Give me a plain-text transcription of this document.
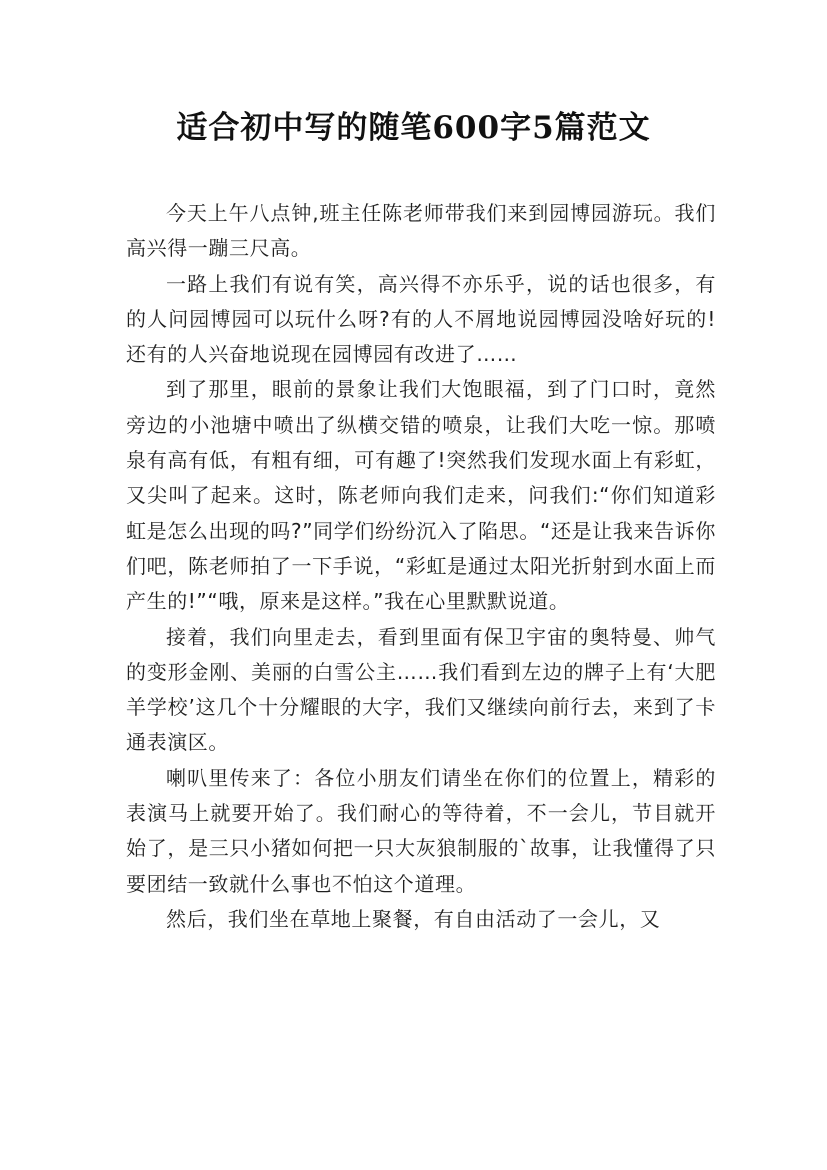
适合初中写的随笔600字5篇范文

今天上午八点钟,班主任陈老师带我们来到园博园游玩。我们高兴得一蹦三尺高。

一路上我们有说有笑，高兴得不亦乐乎，说的话也很多，有的人问园博园可以玩什么呀?有的人不屑地说园博园没啥好玩的!还有的人兴奋地说现在园博园有改进了……

到了那里，眼前的景象让我们大饱眼福，到了门口时，竟然旁边的小池塘中喷出了纵横交错的喷泉，让我们大吃一惊。那喷泉有高有低，有粗有细，可有趣了!突然我们发现水面上有彩虹，又尖叫了起来。这时，陈老师向我们走来，问我们:“你们知道彩虹是怎么出现的吗?”同学们纷纷沉入了陷思。“还是让我来告诉你们吧，陈老师拍了一下手说，“彩虹是通过太阳光折射到水面上而产生的!”“哦，原来是这样。”我在心里默默说道。

接着，我们向里走去，看到里面有保卫宇宙的奥特曼、帅气的变形金刚、美丽的白雪公主……我们看到左边的牌子上有‘大肥羊学校’这几个十分耀眼的大字，我们又继续向前行去，来到了卡通表演区。

喇叭里传来了：各位小朋友们请坐在你们的位置上，精彩的表演马上就要开始了。我们耐心的等待着，不一会儿，节目就开始了，是三只小猪如何把一只大灰狼制服的`故事，让我懂得了只要团结一致就什么事也不怕这个道理。

然后，我们坐在草地上聚餐，有自由活动了一会儿，又
